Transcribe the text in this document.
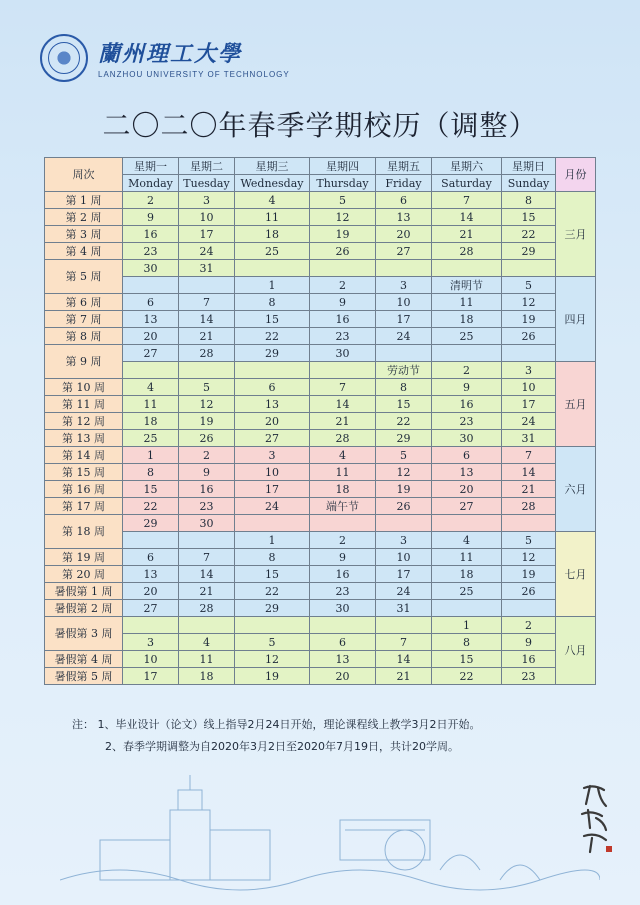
蘭州理工大學
LANZHOU UNIVERSITY OF TECHNOLOGY
二〇二〇年春季学期校历（调整）
周次	星期一	星期二	星期三	星期四	星期五	星期六	星期日	月份
	Monday	Tuesday	Wednesday	Thursday	Friday	Saturday	Sunday	
第 1 周	2	3	4	5	6	7	8	三月
第 2 周	9	10	11	12	13	14	15	
第 3 周	16	17	18	19	20	21	22	
第 4 周	23	24	25	26	27	28	29	
第 5 周	30	31						
			1	2	3	清明节	5	四月
第 6 周	6	7	8	9	10	11	12	
第 7 周	13	14	15	16	17	18	19	
第 8 周	20	21	22	23	24	25	26	
第 9 周	27	28	29	30				
					劳动节	2	3	五月
第 10 周	4	5	6	7	8	9	10	
第 11 周	11	12	13	14	15	16	17	
第 12 周	18	19	20	21	22	23	24	
第 13 周	25	26	27	28	29	30	31	
第 14 周	1	2	3	4	5	6	7	六月
第 15 周	8	9	10	11	12	13	14	
第 16 周	15	16	17	18	19	20	21	
第 17 周	22	23	24	端午节	26	27	28	
第 18 周	29	30						
			1	2	3	4	5	七月
第 19 周	6	7	8	9	10	11	12	
第 20 周	13	14	15	16	17	18	19	
暑假第 1 周	20	21	22	23	24	25	26	
暑假第 2 周	27	28	29	30	31			
暑假第 3 周						1	2	八月
	3	4	5	6	7	8	9	
暑假第 4 周	10	11	12	13	14	15	16	
暑假第 5 周	17	18	19	20	21	22	23	
注： 1、毕业设计（论文）线上指导2月24日开始，理论课程线上教学3月2日开始。
2、春季学期调整为自2020年3月2日至2020年7月19日，共计20学周。
